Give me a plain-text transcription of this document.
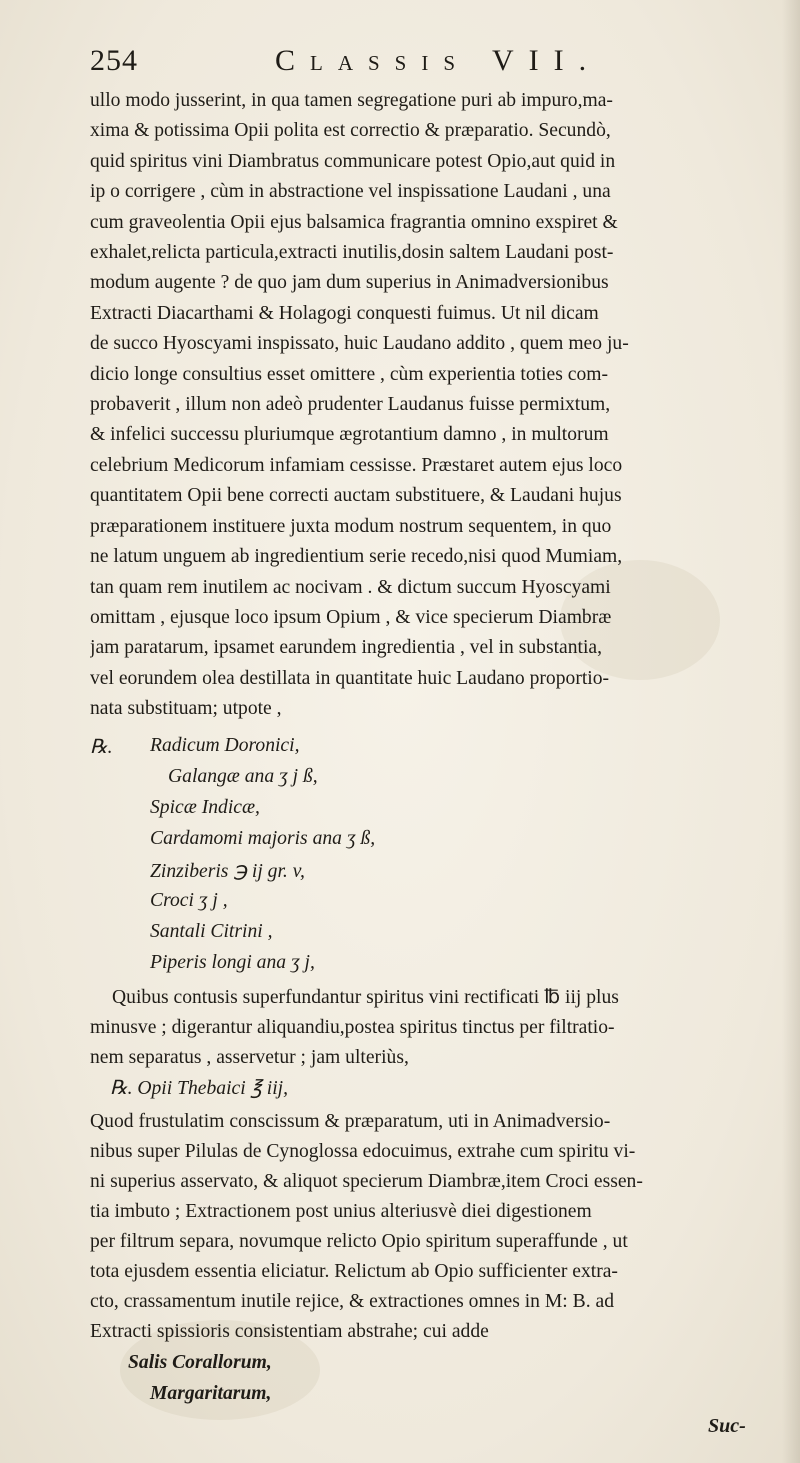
254	Classis VII.
ullo modo jusserint, in qua tamen segregatione puri ab impuro,ma-
xima & potissima Opii polita est correctio & præparatio. Secundò,
quid spiritus vini Diambratus communicare potest Opio,aut quid in
ip o corrigere , cùm in abstractione vel inspissatione Laudani , una
cum graveolentia Opii ejus balsamica fragrantia omnino exspiret &
exhalet,relicta particula,extracti inutilis,dosin saltem Laudani post-
modum augente ? de quo jam dum superius in Animadversionibus
Extracti Diacarthami & Holagogi conquesti fuimus. Ut nil dicam
de succo Hyoscyami inspissato, huic Laudano addito , quem meo ju-
dicio longe consultius esset omittere , cùm experientia toties com-
probaverit , illum non adeò prudenter Laudanus fuisse permixtum,
& infelici successu pluriumque ægrotantium damno , in multorum
celebrium Medicorum infamiam cessisse. Præstaret autem ejus loco
quantitatem Opii bene correcti auctam substituere, & Laudani hujus
præparationem instituere juxta modum nostrum sequentem, in quo
ne latum unguem ab ingredientium serie recedo,nisi quod Mumiam,
tan quam rem inutilem ac nocivam . & dictum succum Hyoscyami
omittam , ejusque loco ipsum Opium , & vice specierum Diambræ
jam paratarum, ipsamet earundem ingredientia , vel in substantia,
vel eorundem olea destillata in quantitate huic Laudano proportio-
nata substituam; utpote ,
℞. Radicum Doronici,
Galangæ ana ʒ j ß,
Spicæ Indicæ,
Cardamomi majoris ana ʒ ß,
Zinziberis ℈ ij gr. v,
Croci ʒ j ,
Santali Citrini ,
Piperis longi ana ʒ j,
Quibus contusis superfundantur spiritus vini rectificati ℔ iij plus
minusve ; digerantur aliquandiu,postea spiritus tinctus per filtratio-
nem separatus , asservetur ; jam ulteriùs,
℞. Opii Thebaici ℥ iij,
Quod frustulatim conscissum & præparatum, uti in Animadversio-
nibus super Pilulas de Cynoglossa edocuimus, extrahe cum spiritu vi-
ni superius asservato, & aliquot specierum Diambræ,item Croci essen-
tia imbuto ; Extractionem post unius alteriusvè diei digestionem
per filtrum separa, novumque relicto Opio spiritum superaffunde , ut
tota ejusdem essentia eliciatur. Relictum ab Opio sufficienter extra-
cto, crassamentum inutile rejice, & extractiones omnes in M: B. ad
Extracti spissioris consistentiam abstrahe; cui adde
Salis Corallorum,
Margaritarum,
Suc-
